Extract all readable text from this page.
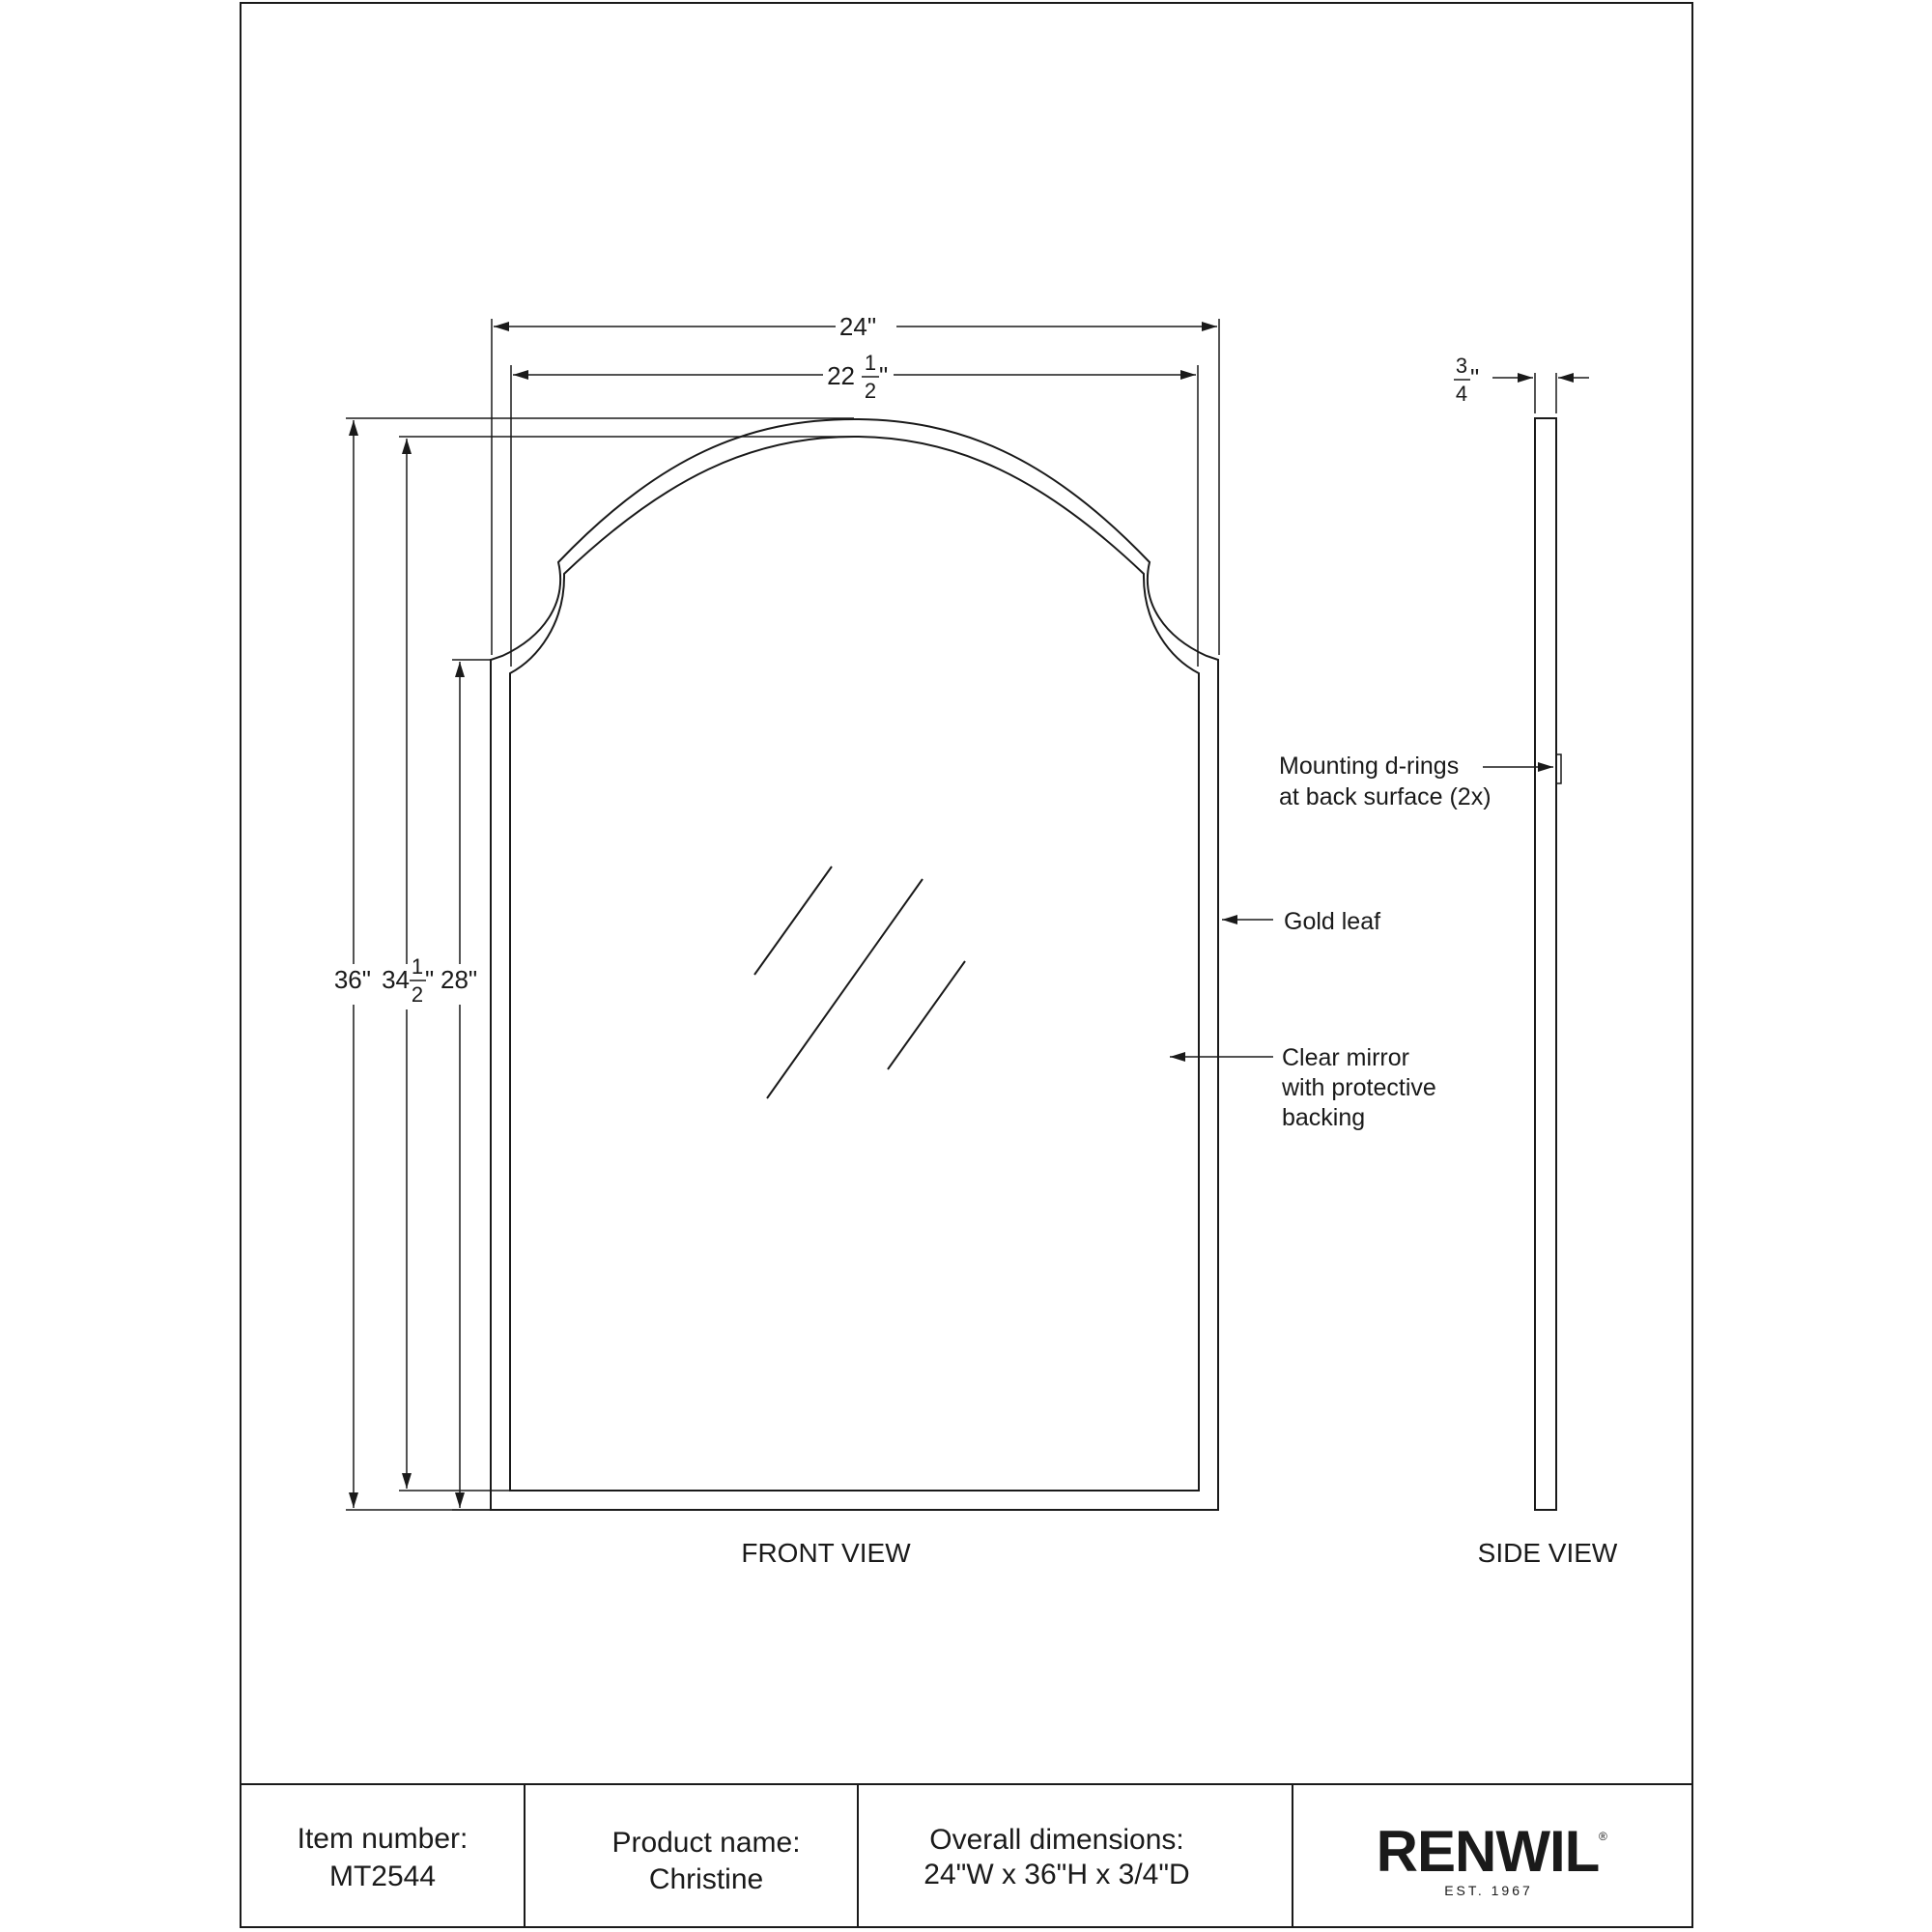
24"
22 1
2
"
36" 34 1
2
" 28"
Gold leaf
Clear mirror
with protective
backing
FRONT VIEW	SIDE VIEW
3
4
"
Mounting d-rings
at back surface (2x)
Item number:
MT2544
Product name:
Christine
Overall dimensions:
24"W x 36"H x 3/4"D	RENWIL ®
EST. 1967
